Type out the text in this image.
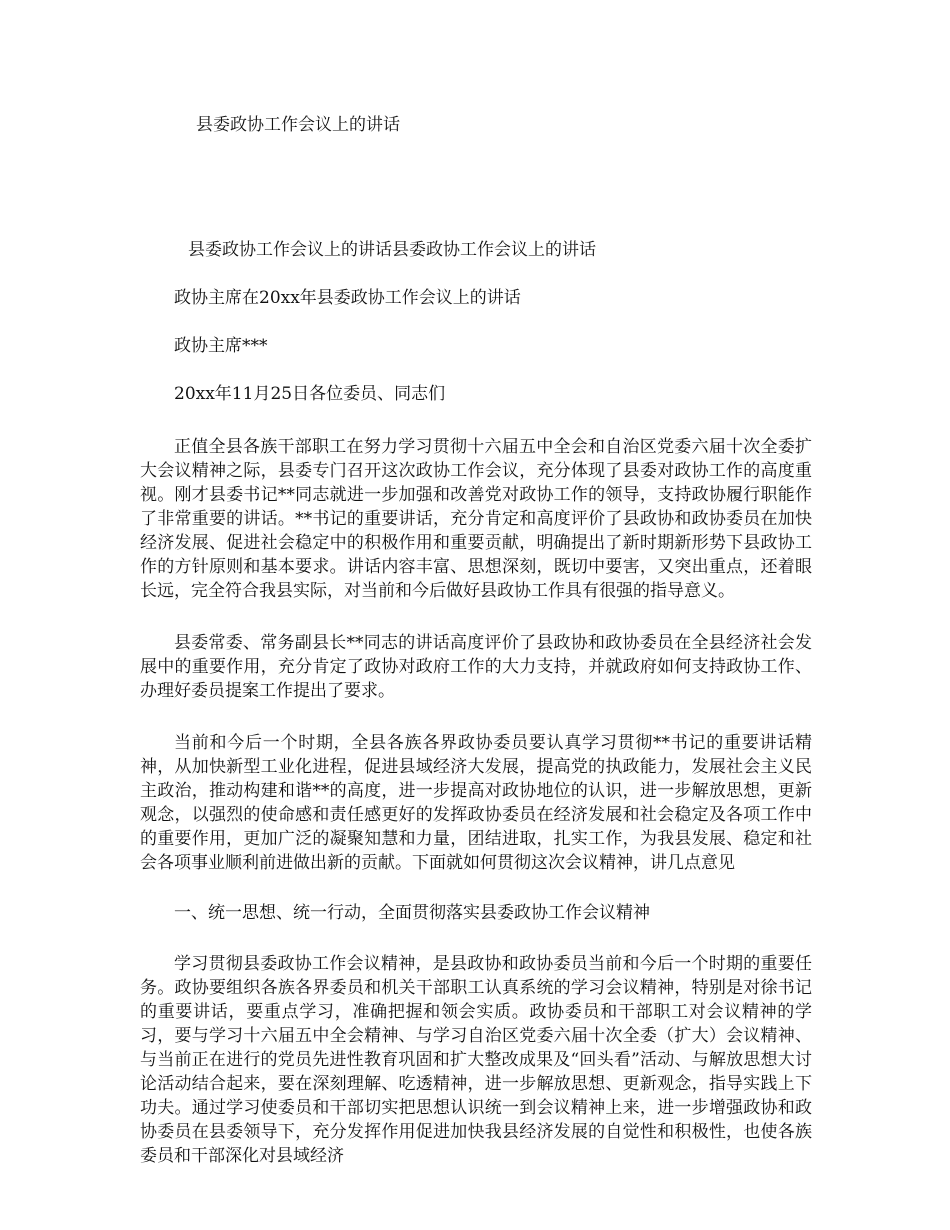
县委政协工作会议上的讲话
县委政协工作会议上的讲话县委政协工作会议上的讲话
政协主席在20xx年县委政协工作会议上的讲话
政协主席***
20xx年11月25日各位委员、同志们

正值全县各族干部职工在努力学习贯彻十六届五中全会和自治区党委六届十次全委扩大会议精神之际，县委专门召开这次政协工作会议，充分体现了县委对政协工作的高度重视。刚才县委书记**同志就进一步加强和改善党对政协工作的领导，支持政协履行职能作了非常重要的讲话。**书记的重要讲话，充分肯定和高度评价了县政协和政协委员在加快经济发展、促进社会稳定中的积极作用和重要贡献，明确提出了新时期新形势下县政协工作的方针原则和基本要求。讲话内容丰富、思想深刻，既切中要害，又突出重点，还着眼长远，完全符合我县实际，对当前和今后做好县政协工作具有很强的指导意义。

县委常委、常务副县长**同志的讲话高度评价了县政协和政协委员在全县经济社会发展中的重要作用，充分肯定了政协对政府工作的大力支持，并就政府如何支持政协工作、办理好委员提案工作提出了要求。

当前和今后一个时期，全县各族各界政协委员要认真学习贯彻**书记的重要讲话精神，从加快新型工业化进程，促进县域经济大发展，提高党的执政能力，发展社会主义民主政治，推动构建和谐**的高度，进一步提高对政协地位的认识，进一步解放思想，更新观念，以强烈的使命感和责任感更好的发挥政协委员在经济发展和社会稳定及各项工作中的重要作用，更加广泛的凝聚知慧和力量，团结进取，扎实工作，为我县发展、稳定和社会各项事业顺利前进做出新的贡献。下面就如何贯彻这次会议精神，讲几点意见

一、统一思想、统一行动，全面贯彻落实县委政协工作会议精神

学习贯彻县委政协工作会议精神，是县政协和政协委员当前和今后一个时期的重要任务。政协要组织各族各界委员和机关干部职工认真系统的学习会议精神，特别是对徐书记的重要讲话，要重点学习，准确把握和领会实质。政协委员和干部职工对会议精神的学习，要与学习十六届五中全会精神、与学习自治区党委六届十次全委（扩大）会议精神、与当前正在进行的党员先进性教育巩固和扩大整改成果及“回头看”活动、与解放思想大讨论活动结合起来，要在深刻理解、吃透精神，进一步解放思想、更新观念，指导实践上下功夫。通过学习使委员和干部切实把思想认识统一到会议精神上来，进一步增强政协和政协委员在县委领导下，充分发挥作用促进加快我县经济发展的自觉性和积极性，也使各族委员和干部深化对县域经济
